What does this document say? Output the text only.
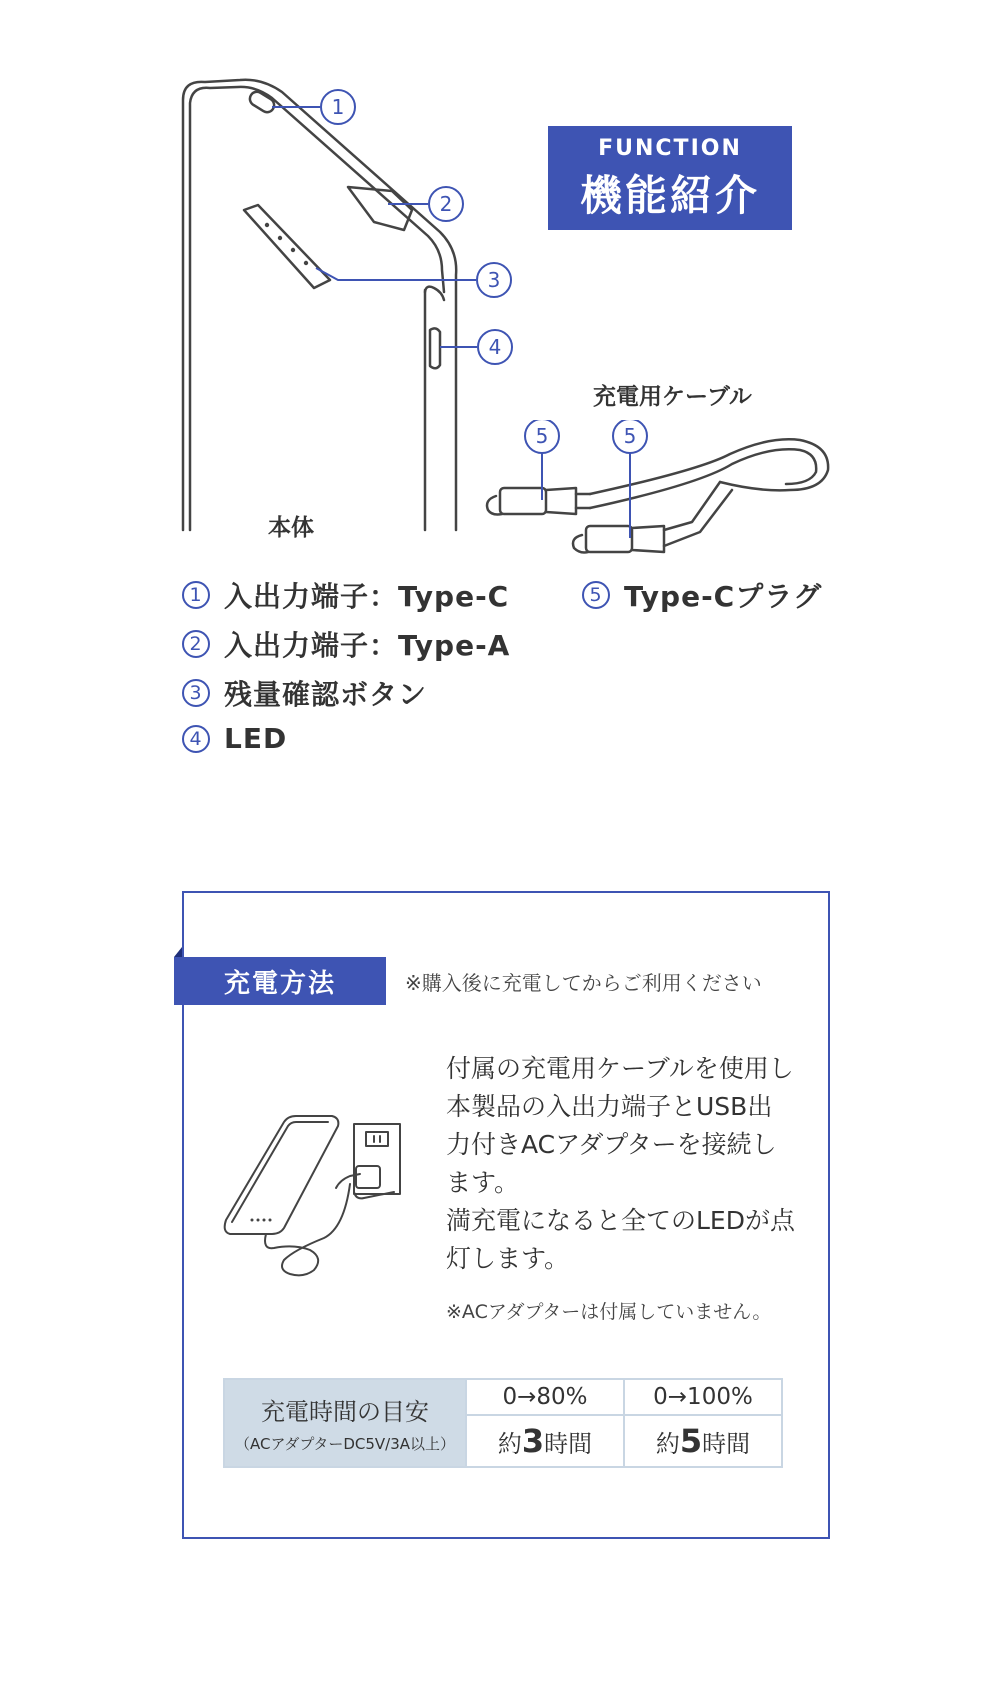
FUNCTION
機能紹介
1
2
3
4
本体
充電用ケーブル
5	5
1 入出力端子：Type-C
2 入出力端子：Type-A
3 残量確認ボタン
4 LED
5 Type-Cプラグ
充電方法	※購入後に充電してからご利用ください

付属の充電用ケーブルを使用し本製品の入出力端子とUSB出力付きACアダプターを接続します。

満充電になると全てのLEDが点灯します。

※ACアダプターは付属していません。
充電時間の目安
（ACアダプターDC5V/3A以上）	0→80%	0→100%
	約3時間	約5時間
